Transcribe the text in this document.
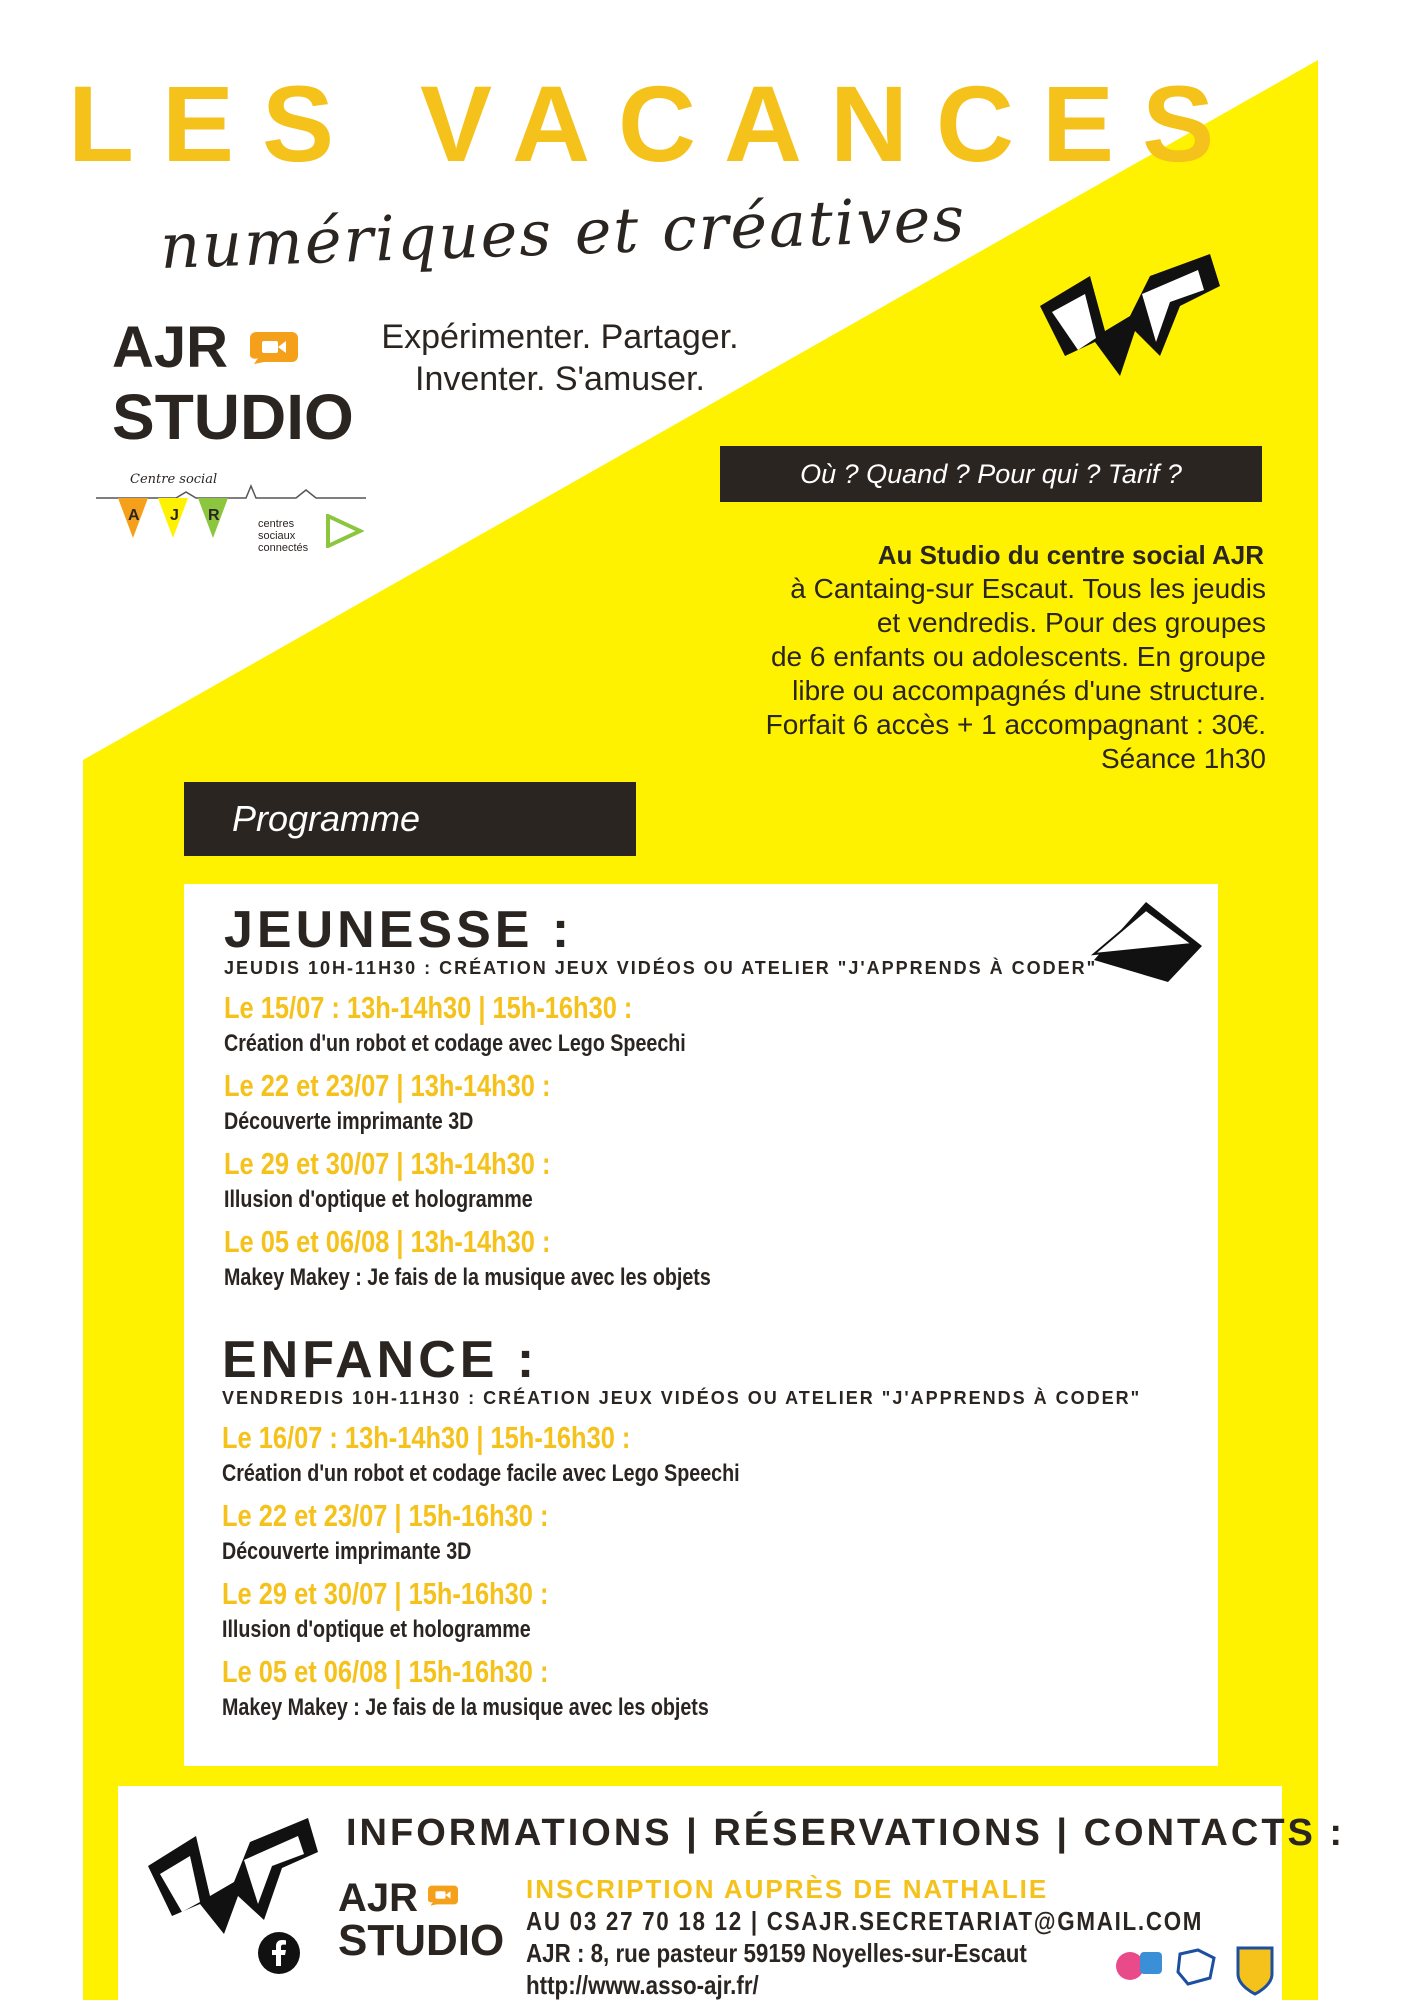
LES VACANCES
numériques et créatives
AJR
STUDIO
Expérimenter. Partager.
Inventer. S'amuser.
Centre social
A J R	centres sociaux connectés
Où ? Quand ? Pour qui ? Tarif ?
Au Studio du centre social AJR
à Cantaing-sur Escaut. Tous les jeudis
et vendredis. Pour des groupes
de 6 enfants ou adolescents. En groupe
libre ou accompagnés d'une structure.
Forfait 6 accès + 1 accompagnant : 30€.
Séance 1h30
Programme
JEUNESSE :
JEUDIS 10H-11H30 : CRÉATION JEUX VIDÉOS OU ATELIER "J'APPRENDS À CODER"
Le 15/07 : 13h-14h30 | 15h-16h30 :
Création d'un robot et codage avec Lego Speechi
Le 22 et 23/07 | 13h-14h30 :
Découverte imprimante 3D
Le 29 et 30/07 | 13h-14h30 :
Illusion d'optique et hologramme
Le 05 et 06/08 | 13h-14h30 :
Makey Makey : Je fais de la musique avec les objets
ENFANCE :
VENDREDIS 10H-11H30 : CRÉATION JEUX VIDÉOS OU ATELIER "J'APPRENDS À CODER"
Le 16/07 : 13h-14h30 | 15h-16h30 :
Création d'un robot et codage facile avec Lego Speechi
Le 22 et 23/07 | 15h-16h30 :
Découverte imprimante 3D
Le 29 et 30/07 | 15h-16h30 :
Illusion d'optique et hologramme
Le 05 et 06/08 | 15h-16h30 :
Makey Makey : Je fais de la musique avec les objets
AJR
STUDIO
INFORMATIONS | RÉSERVATIONS | CONTACTS :
INSCRIPTION AUPRÈS DE NATHALIE
AU 03 27 70 18 12 | CSAJR.SECRETARIAT@GMAIL.COM
AJR : 8, rue pasteur 59159 Noyelles-sur-Escaut
http://www.asso-ajr.fr/
